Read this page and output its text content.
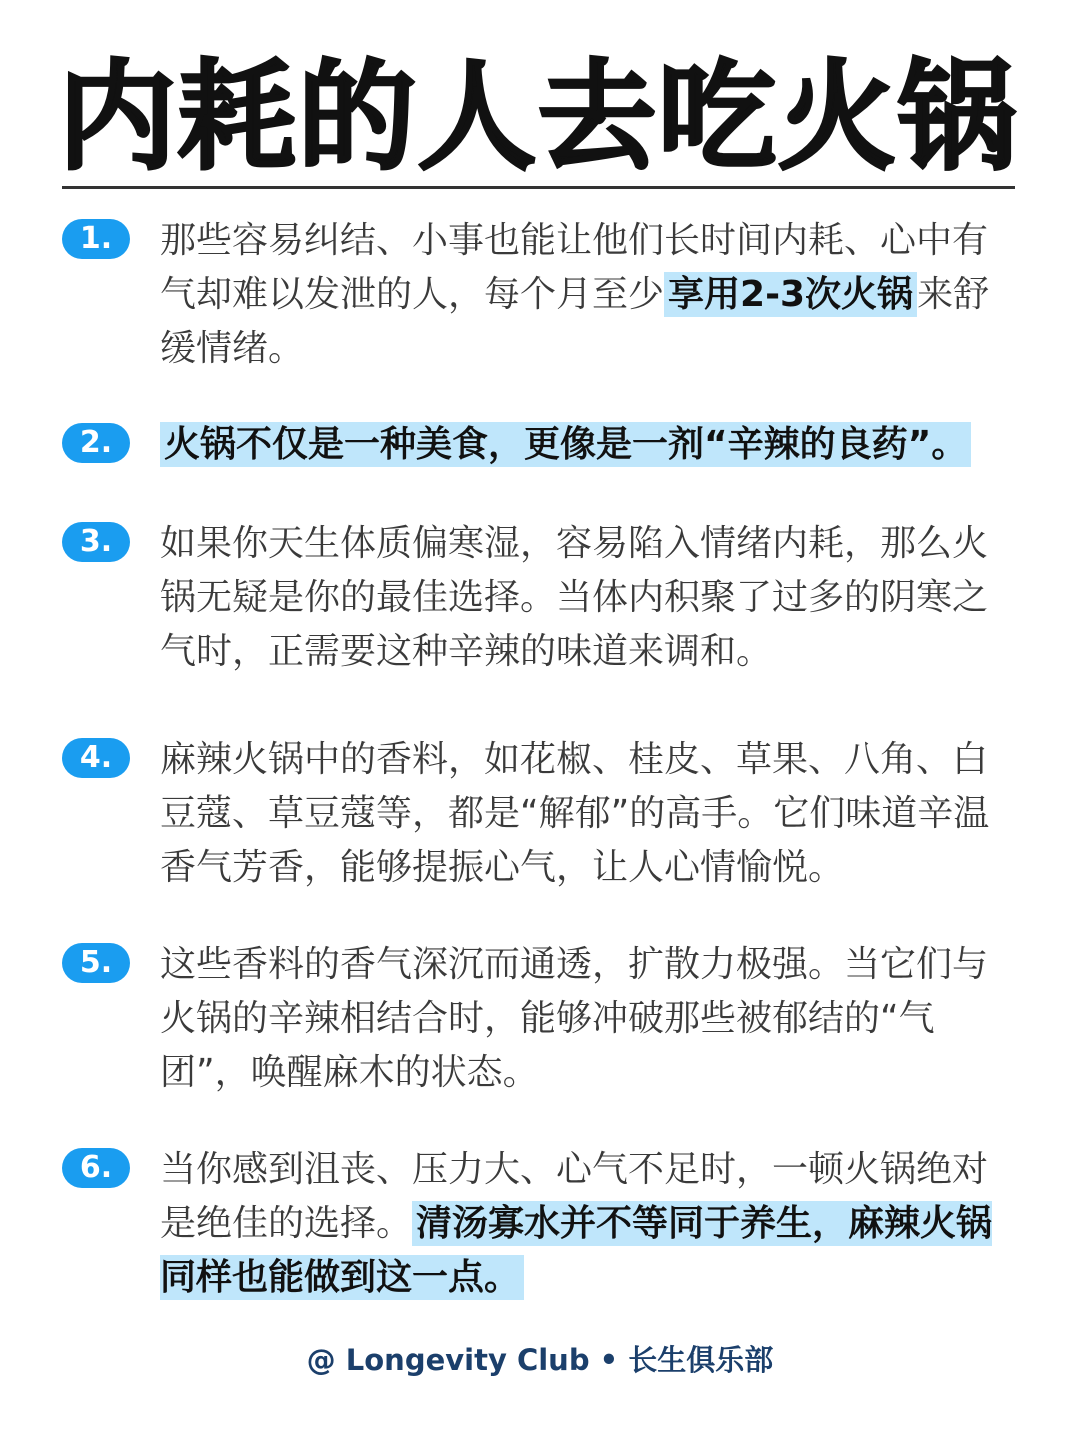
内耗的人去吃火锅
1.	那些容易纠结、小事也能让他们长时间内耗、心中有气却难以发泄的人，每个月至少 享用2-3次火锅 来舒缓情绪。

2.	火锅不仅是一种美食，更像是一剂“辛辣的良药”。

3.	如果你天生体质偏寒湿，容易陷入情绪内耗，那么火锅无疑是你的最佳选择。当体内积聚了过多的阴寒之气时，正需要这种辛辣的味道来调和。

4.	麻辣火锅中的香料，如花椒、桂皮、草果、八角、白豆蔻、草豆蔻等，都是“解郁”的高手。它们味道辛温香气芳香，能够提振心气，让人心情愉悦。

5.	这些香料的香气深沉而通透，扩散力极强。当它们与火锅的辛辣相结合时，能够冲破那些被郁结的“气团”，唤醒麻木的状态。

6.	当你感到沮丧、压力大、心气不足时，一顿火锅绝对是绝佳的选择。 清汤寡水并不等同于养生，麻辣火锅同样也能做到这一点。

@ Longevity Club • 长生俱乐部
